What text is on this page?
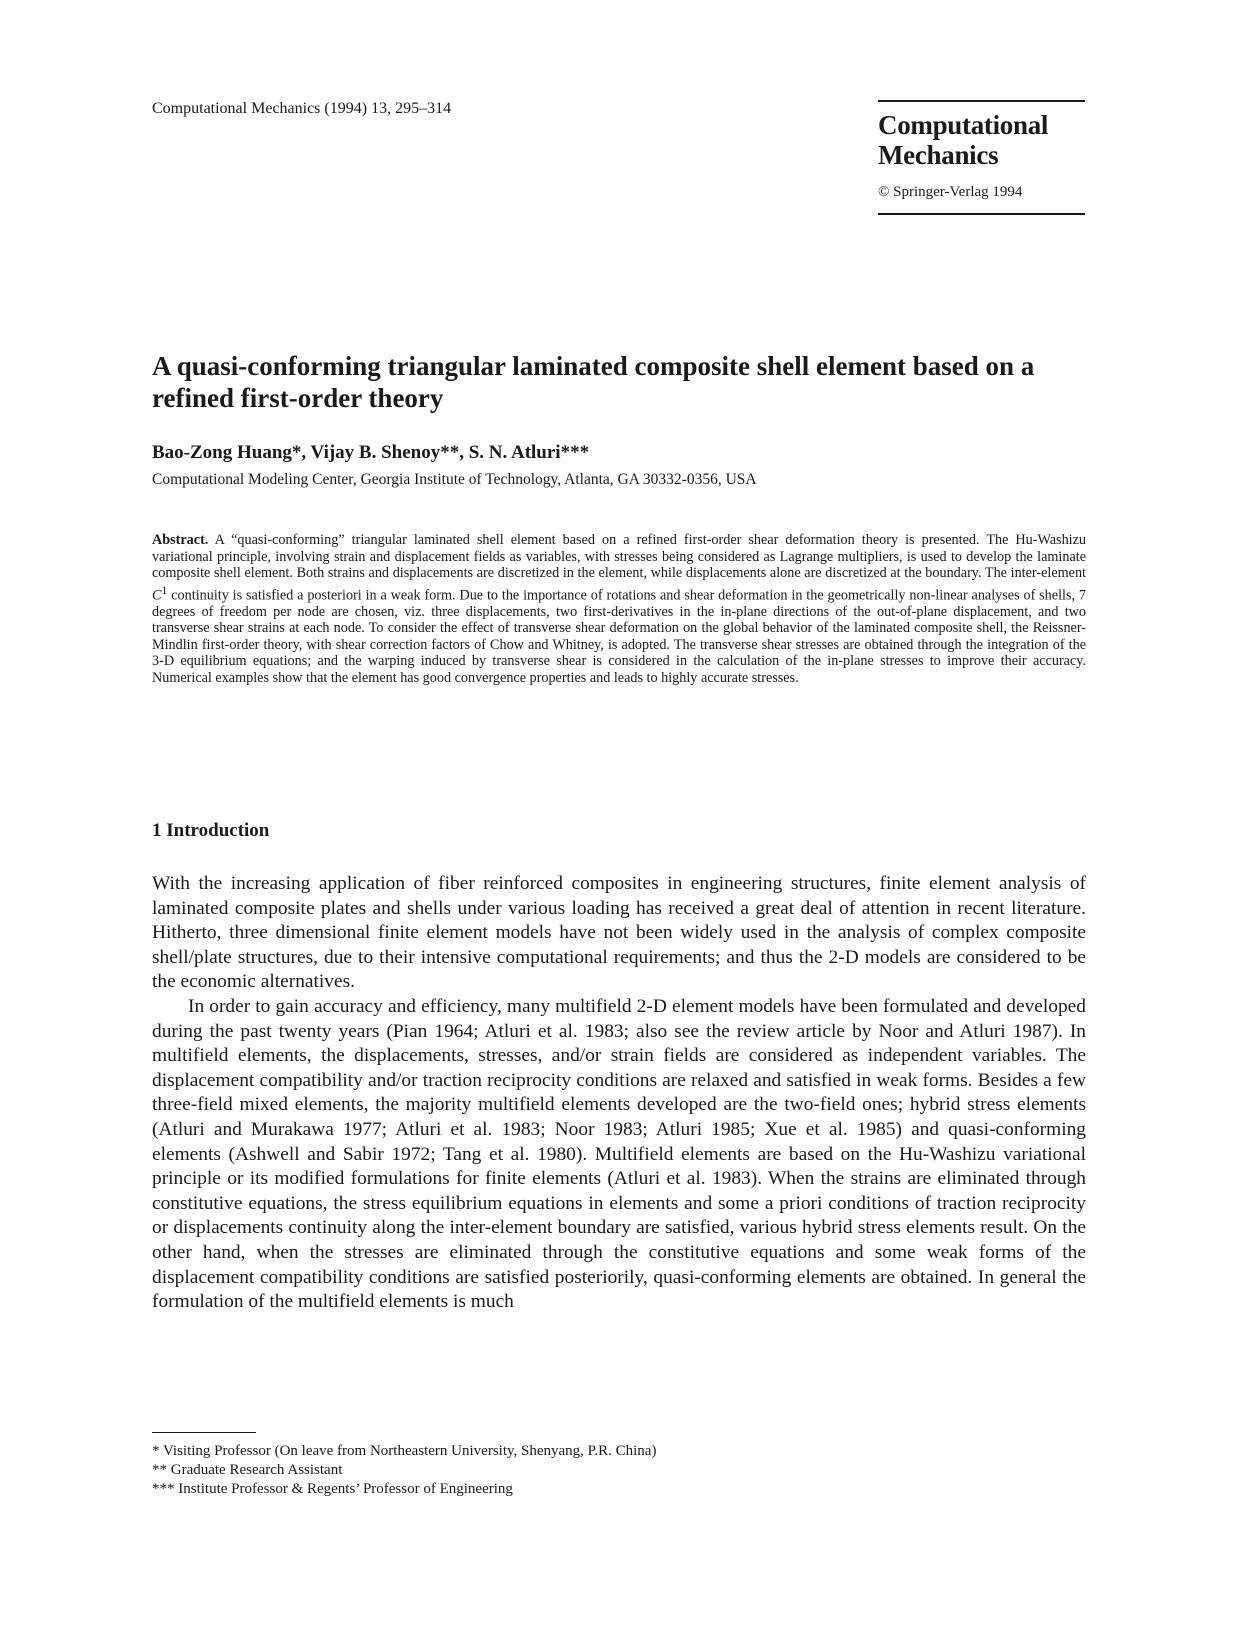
Computational Mechanics (1994) 13, 295–314
Computational
Mechanics
© Springer-Verlag 1994
A quasi-conforming triangular laminated composite shell element based on a refined first-order theory
Bao-Zong Huang*, Vijay B. Shenoy**, S. N. Atluri***
Computational Modeling Center, Georgia Institute of Technology, Atlanta, GA 30332-0356, USA
Abstract. A “quasi-conforming” triangular laminated shell element based on a refined first-order shear deformation theory is presented. The Hu-Washizu variational principle, involving strain and displacement fields as variables, with stresses being considered as Lagrange multipliers, is used to develop the laminate composite shell element. Both strains and displacements are discretized in the element, while displacements alone are discretized at the boundary. The inter-element $C^1$ continuity is satisfied a posteriori in a weak form. Due to the importance of rotations and shear deformation in the geometrically non-linear analyses of shells, 7 degrees of freedom per node are chosen, viz. three displacements, two first-derivatives in the in-plane directions of the out-of-plane displacement, and two transverse shear strains at each node. To consider the effect of transverse shear deformation on the global behavior of the laminated composite shell, the Reissner-Mindlin first-order theory, with shear correction factors of Chow and Whitney, is adopted. The transverse shear stresses are obtained through the integration of the 3-D equilibrium equations; and the warping induced by transverse shear is considered in the calculation of the in-plane stresses to improve their accuracy. Numerical examples show that the element has good convergence properties and leads to highly accurate stresses.
1 Introduction

With the increasing application of fiber reinforced composites in engineering structures, finite element analysis of laminated composite plates and shells under various loading has received a great deal of attention in recent literature. Hitherto, three dimensional finite element models have not been widely used in the analysis of complex composite shell/plate structures, due to their intensive computational requirements; and thus the 2-D models are considered to be the economic alternatives.

In order to gain accuracy and efficiency, many multifield 2-D element models have been formulated and developed during the past twenty years (Pian 1964; Atluri et al. 1983; also see the review article by Noor and Atluri 1987). In multifield elements, the displacements, stresses, and/or strain fields are considered as independent variables. The displacement compatibility and/or traction reciprocity conditions are relaxed and satisfied in weak forms. Besides a few three-field mixed elements, the majority multifield elements developed are the two-field ones; hybrid stress elements (Atluri and Murakawa 1977; Atluri et al. 1983; Noor 1983; Atluri 1985; Xue et al. 1985) and quasi-conforming elements (Ashwell and Sabir 1972; Tang et al. 1980). Multifield elements are based on the Hu-Washizu variational principle or its modified formulations for finite elements (Atluri et al. 1983). When the strains are eliminated through constitutive equations, the stress equilibrium equations in elements and some a priori conditions of traction reciprocity or displacements continuity along the inter-element boundary are satisfied, various hybrid stress elements result. On the other hand, when the stresses are eliminated through the constitutive equations and some weak forms of the displacement compatibility conditions are satisfied posteriorily, quasi-conforming elements are obtained. In general the formulation of the multifield elements is much

* Visiting Professor (On leave from Northeastern University, Shenyang, P.R. China)
** Graduate Research Assistant
*** Institute Professor & Regents’ Professor of Engineering
